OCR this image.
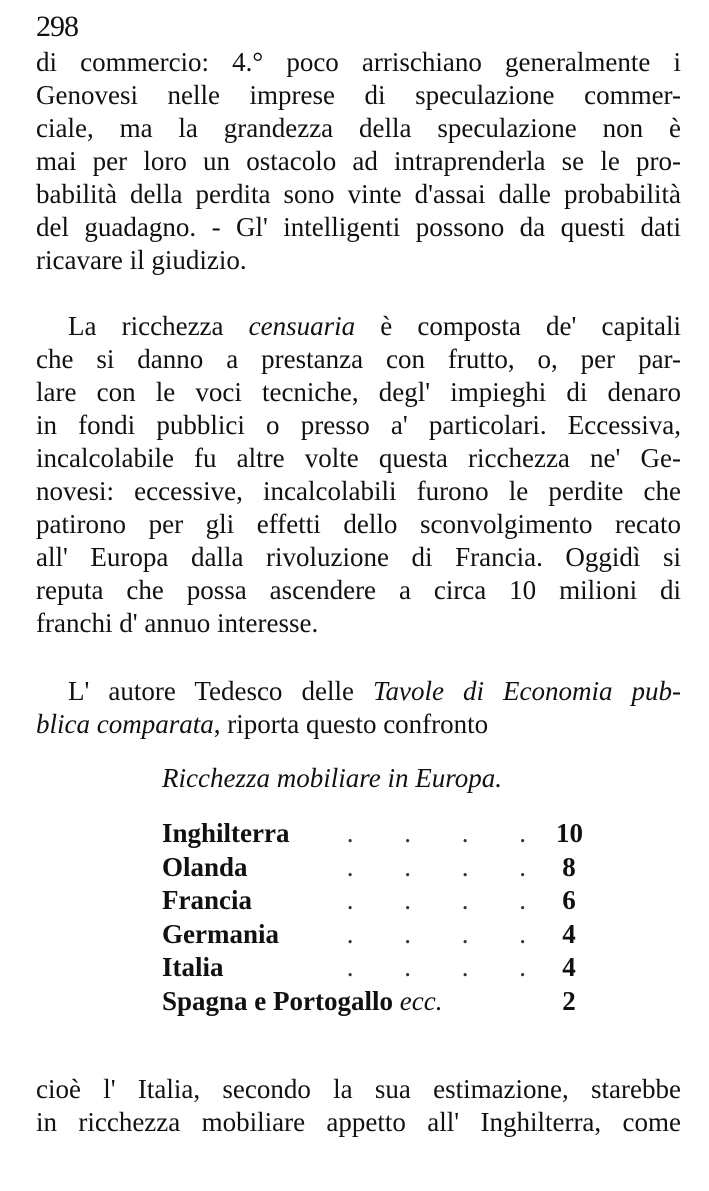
298
di commercio: 4.° poco arrischiano generalmente i
Genovesi nelle imprese di speculazione commer-
ciale, ma la grandezza della speculazione non è
mai per loro un ostacolo ad intraprenderla se le pro-
babilità della perdita sono vinte d'assai dalle probabilità
del guadagno. - Gl' intelligenti possono da questi dati
ricavare il giudizio.
La ricchezza censuaria è composta de' capitali
che si danno a prestanza con frutto, o, per par-
lare con le voci tecniche, degl' impieghi di denaro
in fondi pubblici o presso a' particolari. Eccessiva,
incalcolabile fu altre volte questa ricchezza ne' Ge-
novesi: eccessive, incalcolabili furono le perdite che
patirono per gli effetti dello sconvolgimento recato
all' Europa dalla rivoluzione di Francia. Oggidì si
reputa che possa ascendere a circa 10 milioni di
franchi d' annuo interesse.
L' autore Tedesco delle Tavole di Economia pub-
blica comparata, riporta questo confronto
Ricchezza mobiliare in Europa.
Inghilterra	. . . . 10
Olanda	. . . . 8
Francia	. . . . 6
Germania	. . . . 4
Italia	. . . . 4
Spagna e Portogallo ecc.	2
cioè l' Italia, secondo la sua estimazione, starebbe
in ricchezza mobiliare appetto all' Inghilterra, come
